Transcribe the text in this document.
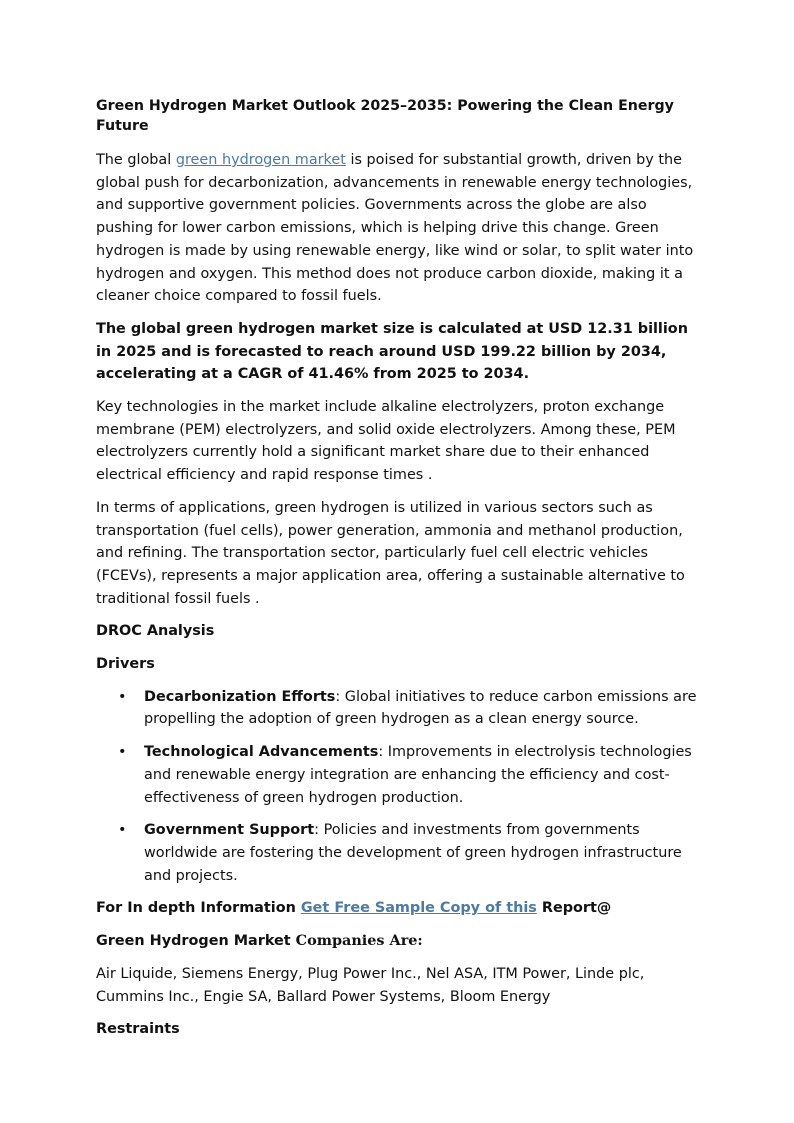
Green Hydrogen Market Outlook 2025–2035: Powering the Clean Energy Future

The global green hydrogen market is poised for substantial growth, driven by the global push for decarbonization, advancements in renewable energy technologies, and supportive government policies. Governments across the globe are also pushing for lower carbon emissions, which is helping drive this change. Green hydrogen is made by using renewable energy, like wind or solar, to split water into hydrogen and oxygen. This method does not produce carbon dioxide, making it a cleaner choice compared to fossil fuels.

The global green hydrogen market size is calculated at USD 12.31 billion in 2025 and is forecasted to reach around USD 199.22 billion by 2034, accelerating at a CAGR of 41.46% from 2025 to 2034.

Key technologies in the market include alkaline electrolyzers, proton exchange membrane (PEM) electrolyzers, and solid oxide electrolyzers. Among these, PEM electrolyzers currently hold a significant market share due to their enhanced electrical efficiency and rapid response times .

In terms of applications, green hydrogen is utilized in various sectors such as transportation (fuel cells), power generation, ammonia and methanol production, and refining. The transportation sector, particularly fuel cell electric vehicles (FCEVs), represents a major application area, offering a sustainable alternative to traditional fossil fuels .

DROC Analysis
Drivers
• Decarbonization Efforts: Global initiatives to reduce carbon emissions are propelling the adoption of green hydrogen as a clean energy source.
• Technological Advancements: Improvements in electrolysis technologies and renewable energy integration are enhancing the efficiency and cost-effectiveness of green hydrogen production.
• Government Support: Policies and investments from governments worldwide are fostering the development of green hydrogen infrastructure and projects.
For In depth Information Get Free Sample Copy of this Report@
Green Hydrogen Market Companies Are:

Air Liquide, Siemens Energy, Plug Power Inc., Nel ASA, ITM Power, Linde plc, Cummins Inc., Engie SA, Ballard Power Systems, Bloom Energy

Restraints
